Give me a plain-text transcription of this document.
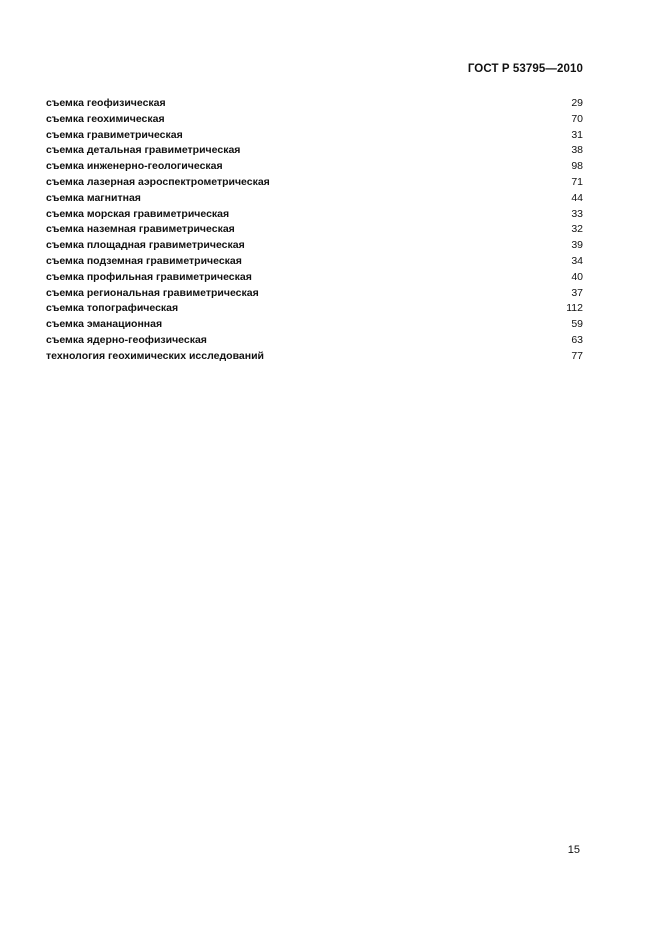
ГОСТ Р 53795—2010
съемка геофизическая	29
съемка геохимическая	70
съемка гравиметрическая	31
съемка детальная гравиметрическая	38
съемка инженерно-геологическая	98
съемка лазерная аэроспектрометрическая	71
съемка магнитная	44
съемка морская гравиметрическая	33
съемка наземная гравиметрическая	32
съемка площадная гравиметрическая	39
съемка подземная гравиметрическая	34
съемка профильная гравиметрическая	40
съемка региональная гравиметрическая	37
съемка топографическая	112
съемка эманационная	59
съемка ядерно-геофизическая	63
технология геохимических исследований	77
15
